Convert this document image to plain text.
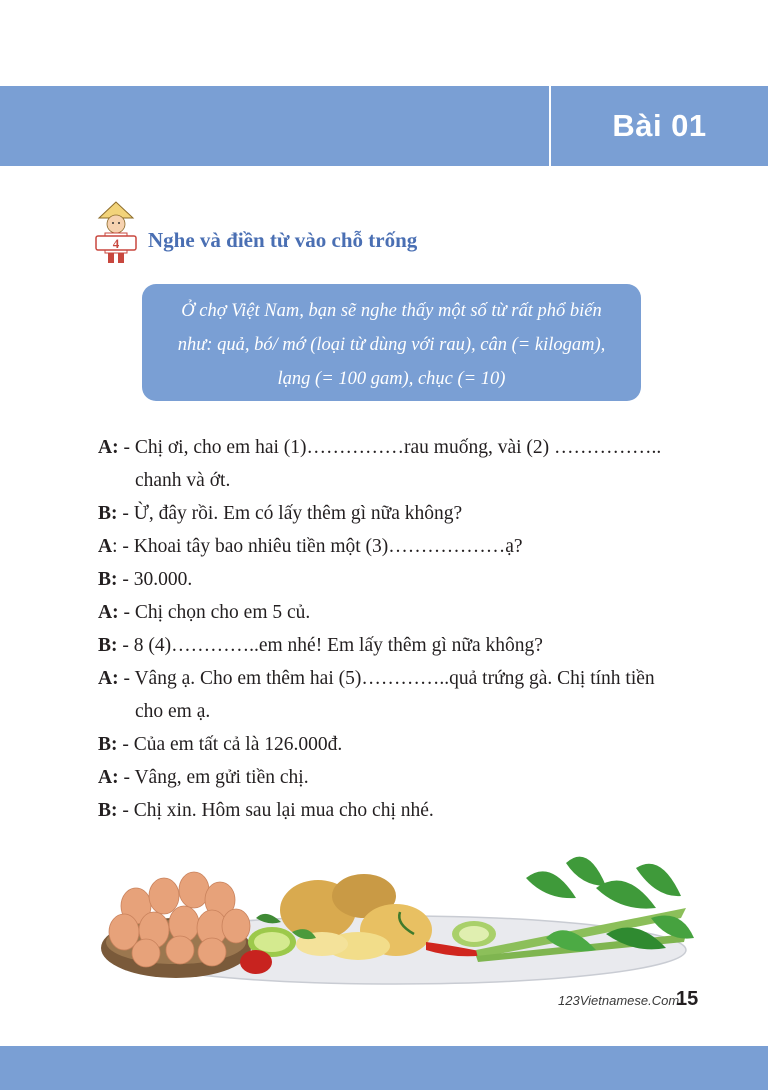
Bài 01
4 Nghe và điền từ vào chỗ trống
Ở chợ Việt Nam, bạn sẽ nghe thấy một số từ rất phổ biến
như: quả, bó/ mớ (loại từ dùng với rau), cân (= kilogam),
lạng (= 100 gam), chục (= 10)
A: - Chị ơi, cho em hai (1)……………rau muống, vài (2) ……………..
chanh và ớt.
B: - Ừ, đây rồi. Em có lấy thêm gì nữa không?
A: - Khoai tây bao nhiêu tiền một (3)………………ạ?
B: - 30.000.
A: - Chị chọn cho em 5 củ.
B: - 8 (4)…………..em nhé! Em lấy thêm gì nữa không?
A: - Vâng ạ. Cho em thêm hai (5)…………..quả trứng gà. Chị tính tiền
cho em ạ.
B: - Của em tất cả là 126.000đ.
A: - Vâng, em gửi tiền chị.
B: - Chị xin. Hôm sau lại mua cho chị nhé.
123Vietnamese.Com
15
